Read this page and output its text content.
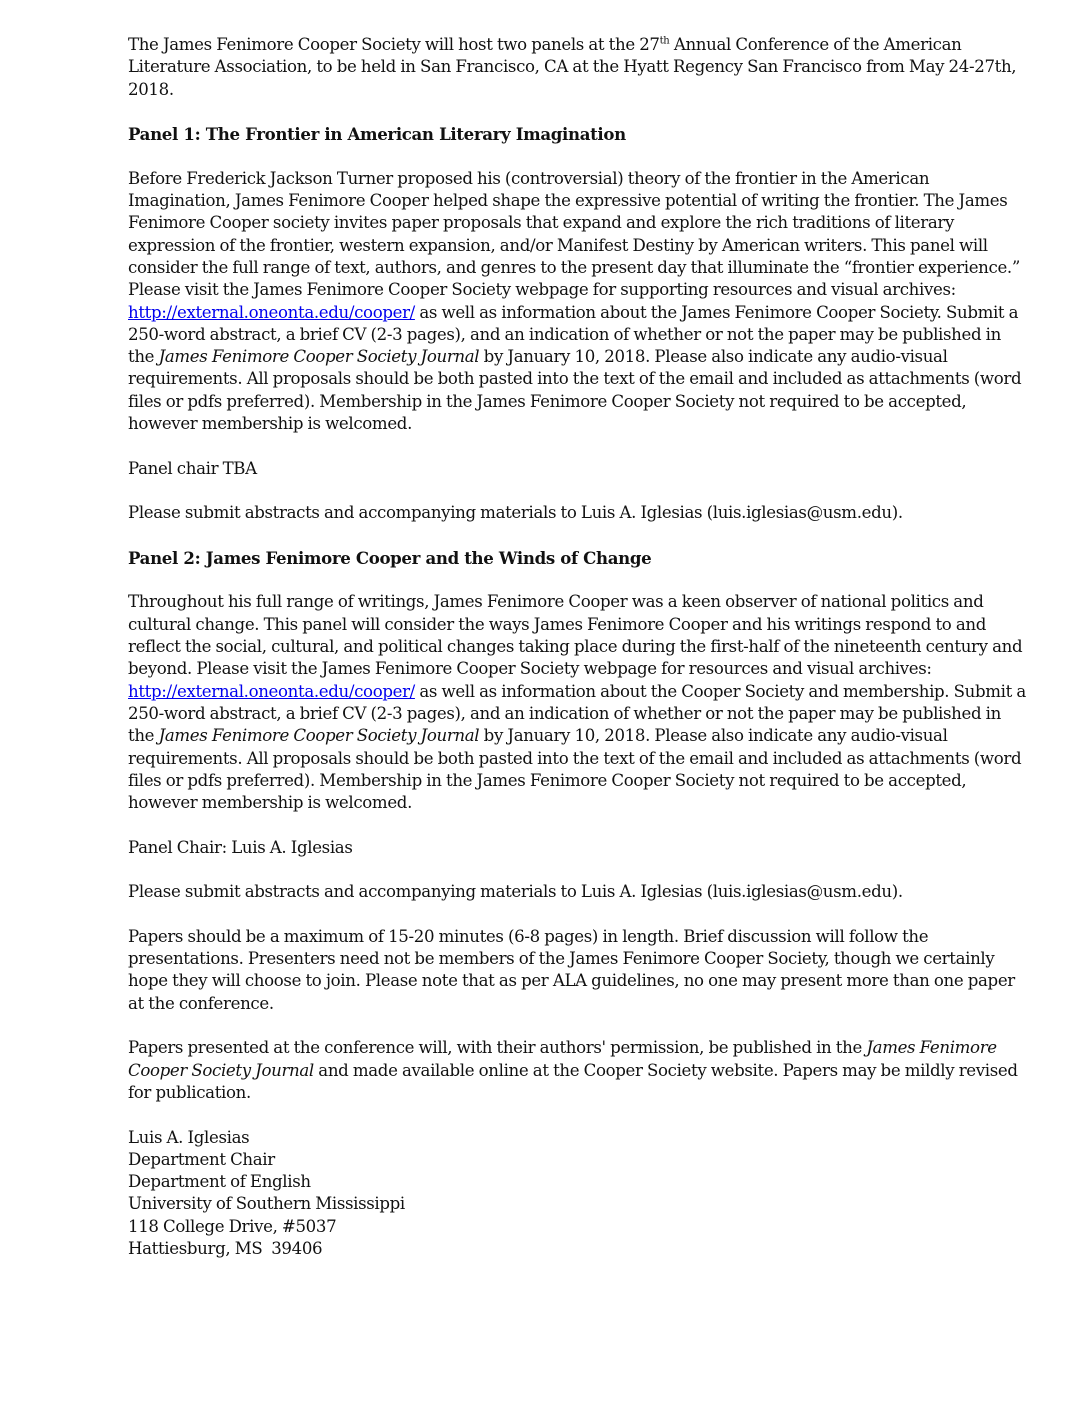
The James Fenimore Cooper Society will host two panels at the 27th Annual Conference of the American Literature Association, to be held in San Francisco, CA at the Hyatt Regency San Francisco from May 24-27th, 2018.

Panel 1: The Frontier in American Literary Imagination

Before Frederick Jackson Turner proposed his (controversial) theory of the frontier in the American Imagination, James Fenimore Cooper helped shape the expressive potential of writing the frontier. The James Fenimore Cooper society invites paper proposals that expand and explore the rich traditions of literary expression of the frontier, western expansion, and/or Manifest Destiny by American writers. This panel will consider the full range of text, authors, and genres to the present day that illuminate the “frontier experience.” Please visit the James Fenimore Cooper Society webpage for supporting resources and visual archives: http://external.oneonta.edu/cooper/ as well as information about the James Fenimore Cooper Society. Submit a 250-word abstract, a brief CV (2-3 pages), and an indication of whether or not the paper may be published in the James Fenimore Cooper Society Journal by January 10, 2018. Please also indicate any audio-visual requirements. All proposals should be both pasted into the text of the email and included as attachments (word files or pdfs preferred). Membership in the James Fenimore Cooper Society not required to be accepted, however membership is welcomed.

Panel chair TBA

Please submit abstracts and accompanying materials to Luis A. Iglesias (luis.iglesias@usm.edu).

Panel 2: James Fenimore Cooper and the Winds of Change

Throughout his full range of writings, James Fenimore Cooper was a keen observer of national politics and cultural change. This panel will consider the ways James Fenimore Cooper and his writings respond to and reflect the social, cultural, and political changes taking place during the first-half of the nineteenth century and beyond. Please visit the James Fenimore Cooper Society webpage for resources and visual archives: http://external.oneonta.edu/cooper/ as well as information about the Cooper Society and membership. Submit a 250-word abstract, a brief CV (2-3 pages), and an indication of whether or not the paper may be published in the James Fenimore Cooper Society Journal by January 10, 2018. Please also indicate any audio-visual requirements. All proposals should be both pasted into the text of the email and included as attachments (word files or pdfs preferred). Membership in the James Fenimore Cooper Society not required to be accepted, however membership is welcomed.

Panel Chair: Luis A. Iglesias

Please submit abstracts and accompanying materials to Luis A. Iglesias (luis.iglesias@usm.edu).

Papers should be a maximum of 15-20 minutes (6-8 pages) in length. Brief discussion will follow the presentations. Presenters need not be members of the James Fenimore Cooper Society, though we certainly hope they will choose to join. Please note that as per ALA guidelines, no one may present more than one paper at the conference.

Papers presented at the conference will, with their authors' permission, be published in the James Fenimore Cooper Society Journal and made available online at the Cooper Society website. Papers may be mildly revised for publication.

Luis A. Iglesias

Department Chair

Department of English

University of Southern Mississippi

118 College Drive, #5037

Hattiesburg, MS  39406
